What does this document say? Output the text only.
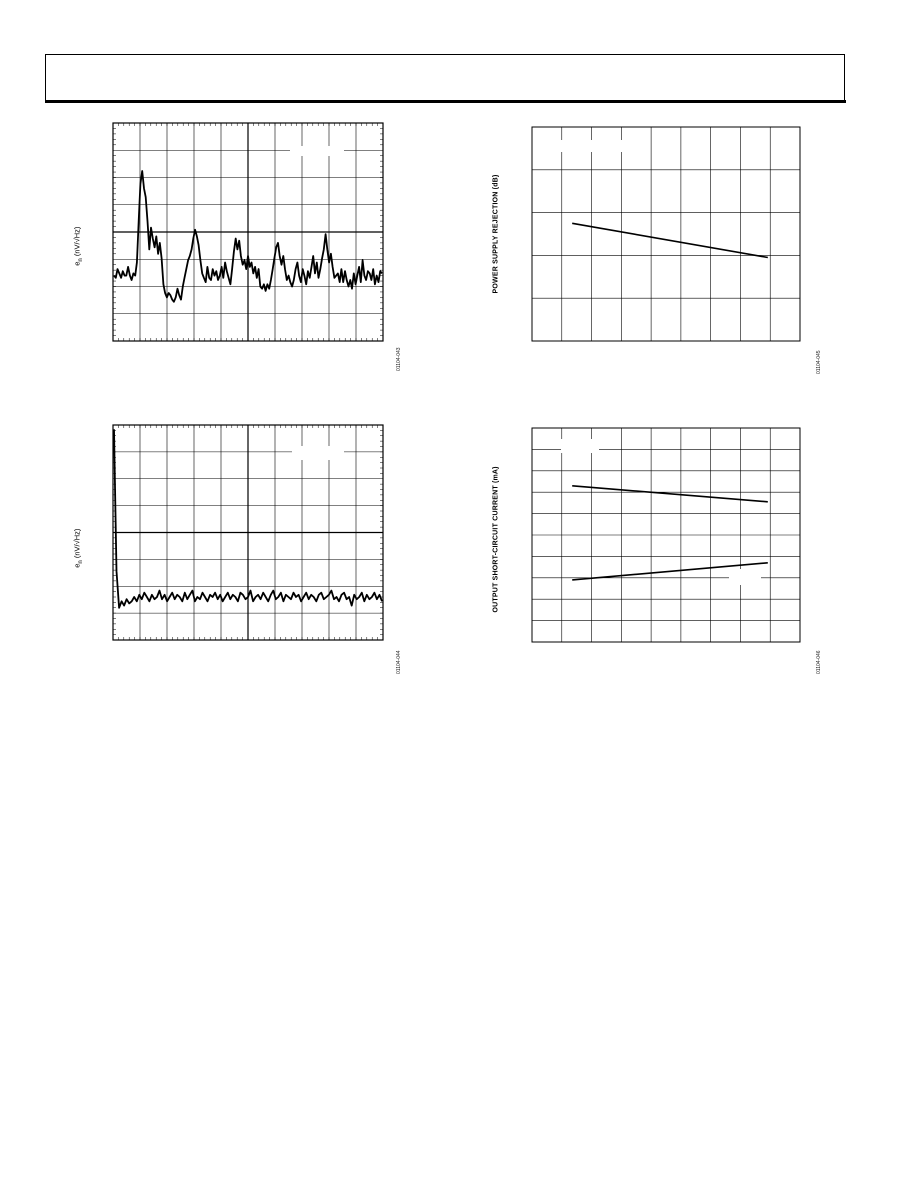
$e_n$ (nV/√Hz)
01104-043
POWER SUPPLY REJECTION (dB)
01104-045
$e_n$ (nV/√Hz)
01104-044
OUTPUT SHORT-CIRCUIT CURRENT (mA)
01104-046
